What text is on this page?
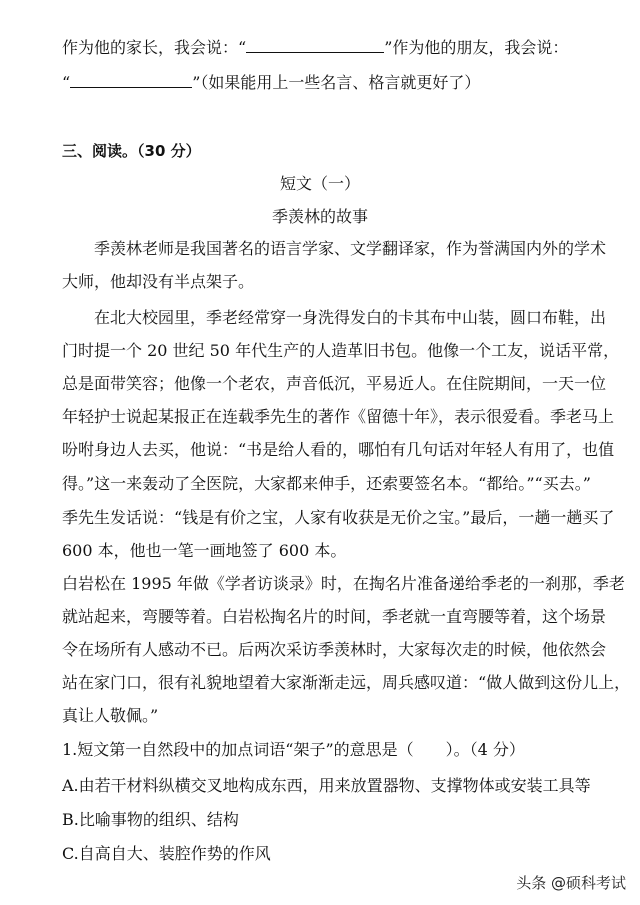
作为他的家长，我会说：“	”作为他的朋友，我会说：
“	”（如果能用上一些名言、格言就更好了）
三、阅读。（30 分）
短文（一）
季羡林的故事
季羡林老师是我国著名的语言学家、文学翻译家，作为誉满国内外的学术
大师，他却没有半点架子。
在北大校园里，季老经常穿一身洗得发白的卡其布中山装，圆口布鞋，出
门时提一个 20 世纪 50 年代生产的人造革旧书包。他像一个工友，说话平常，
总是面带笑容；他像一个老农，声音低沉，平易近人。在住院期间，一天一位
年轻护士说起某报正在连载季先生的著作《留德十年》，表示很爱看。季老马上
吩咐身边人去买，他说：“书是给人看的，哪怕有几句话对年轻人有用了，也值
得。”这一来轰动了全医院，大家都来伸手，还索要签名本。“都给。”“买去。”
季先生发话说：“钱是有价之宝，人家有收获是无价之宝。”最后，一趟一趟买了
600 本，他也一笔一画地签了 600 本。
白岩松在 1995 年做《学者访谈录》时，在掏名片准备递给季老的一刹那，季老
就站起来，弯腰等着。白岩松掏名片的时间，季老就一直弯腰等着，这个场景
令在场所有人感动不已。后两次采访季羡林时，大家每次走的时候，他依然会
站在家门口，很有礼貌地望着大家渐渐走远，周兵感叹道：“做人做到这份儿上，
真让人敬佩。”
1.短文第一自然段中的加点词语“架子”的意思是（　　）。（4 分）
A.由若干材料纵横交叉地构成东西，用来放置器物、支撑物体或安装工具等
B.比喻事物的组织、结构
C.自高自大、装腔作势的作风
头条 @硕科考试
